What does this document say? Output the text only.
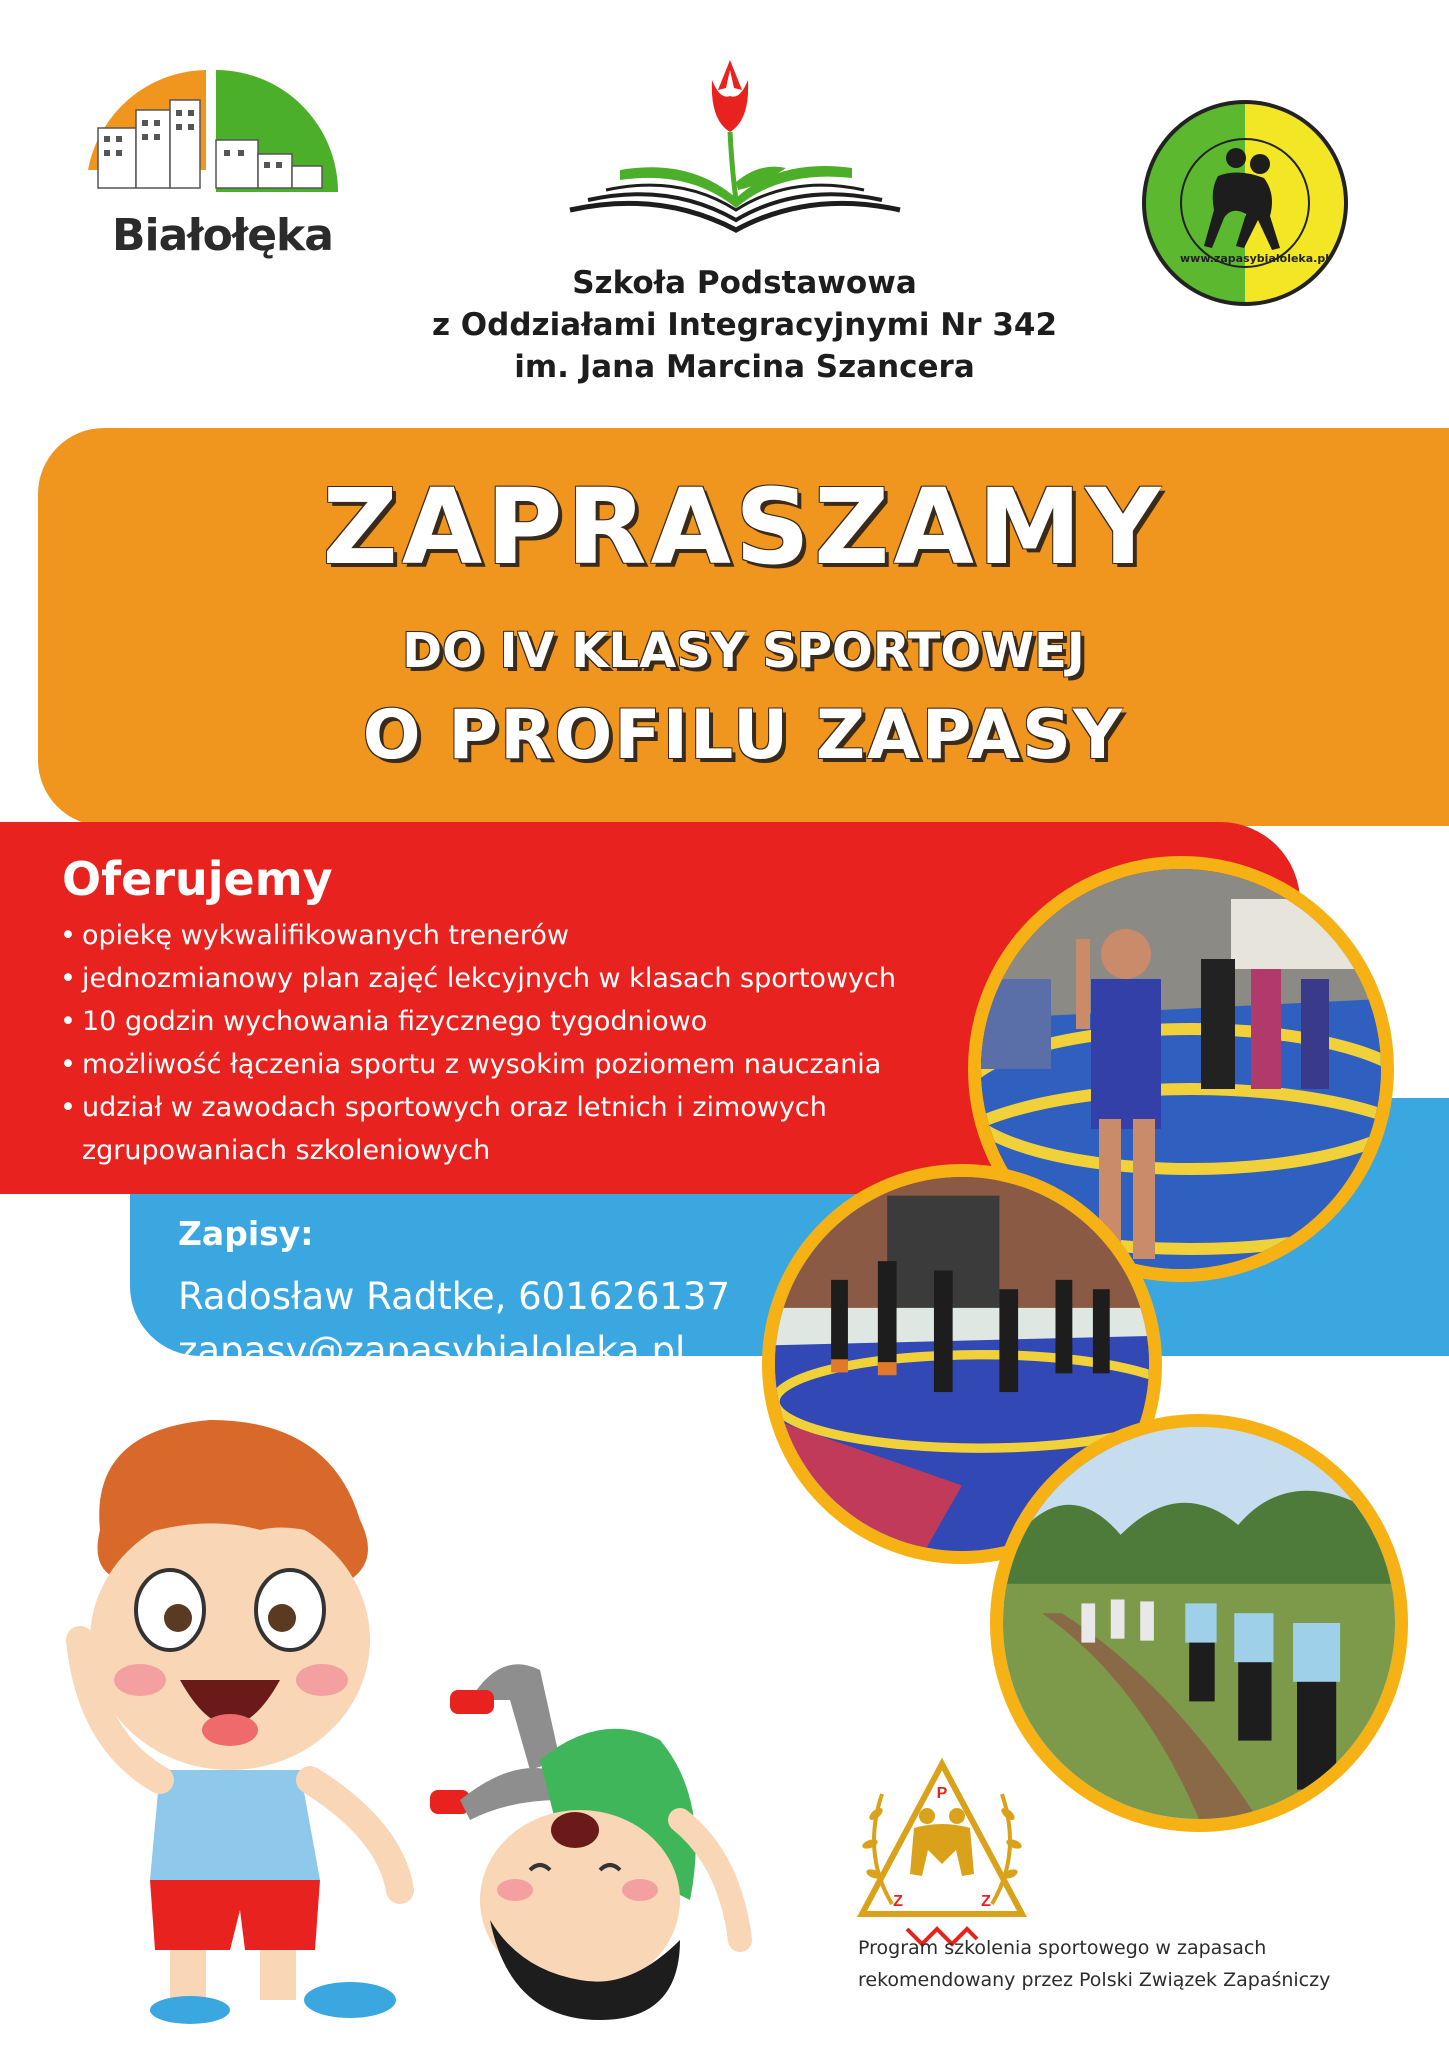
Białołęka	www.zapasybialoleka.pl
Szkoła Podstawowa
z Oddziałami Integracyjnymi Nr 342
im. Jana Marcina Szancera
ZAPRASZAMY
DO IV KLASY SPORTOWEJ
O PROFILU ZAPASY
Oferujemy
• opiekę wykwalifikowanych trenerów
• jednozmianowy plan zajęć lekcyjnych w klasach sportowych
• 10 godzin wychowania fizycznego tygodniowo
• możliwość łączenia sportu z wysokim poziomem nauczania
• udział w zawodach sportowych oraz letnich i zimowych zgrupowaniach szkoleniowych
Zapisy:
Radosław Radtke, 601626137
zapasy@zapasybialoleka.pl
P
Z	Z
Program szkolenia sportowego w zapasach
rekomendowany przez Polski Związek Zapaśniczy
